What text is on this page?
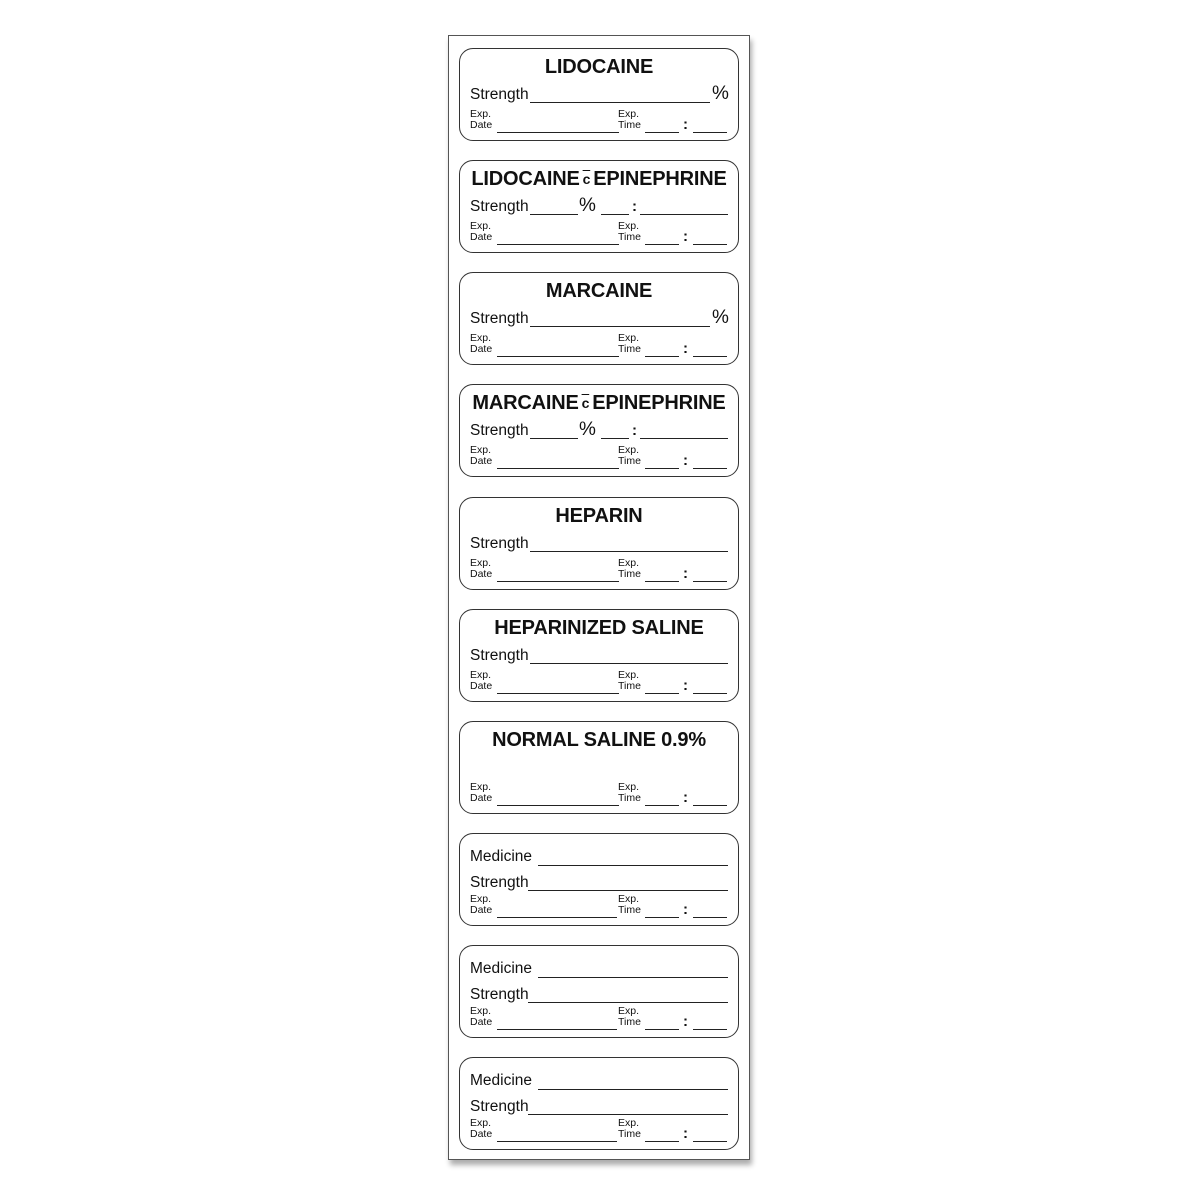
LIDOCAINE
Strength	%
Exp.
Date
Exp.
Time	:
LIDOCAINE $\overline{c}$ EPINEPHRINE
Strength	% :
Exp.
Date
Exp.
Time	:
MARCAINE
Strength	%
Exp.
Date
Exp.
Time	:
MARCAINE $\overline{c}$ EPINEPHRINE
Strength	% :
Exp.
Date
Exp.
Time	:
HEPARIN
Strength
Exp.
Date
Exp.
Time	:
HEPARINIZED SALINE
Strength
Exp.
Date
Exp.
Time	:
NORMAL SALINE 0.9%
Exp.
Date
Exp.
Time	:
Medicine
Strength
Exp.
Date
Exp.
Time	:
Medicine
Strength
Exp.
Date
Exp.
Time	:
Medicine
Strength
Exp.
Date
Exp.
Time	:
